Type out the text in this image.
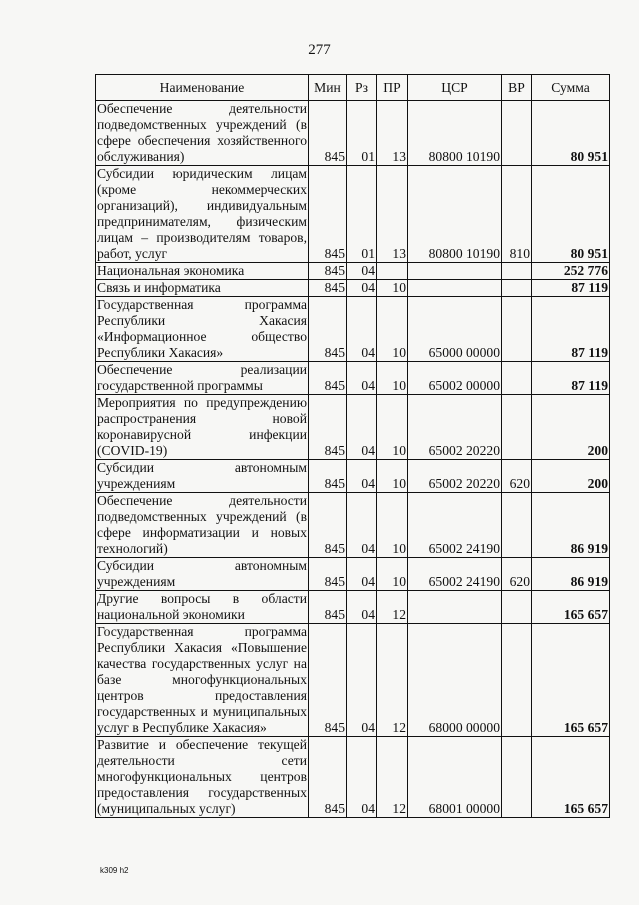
277
Наименование	Мин	Рз	ПР	ЦСР	ВР	Сумма
Обеспечение деятельности подведомственных учреждений (в сфере обеспечения хозяйственного обслуживания)	845	01	13	80800 10190		80 951
Субсидии юридическим лицам (кроме некоммерческих организаций), индивидуальным предпринимателям, физическим лицам – производителям товаров, работ, услуг	845	01	13	80800 10190	810	80 951
Национальная экономика	845	04				252 776
Связь и информатика	845	04	10			87 119
Государственная программа Республики Хакасия «Информационное общество Республики Хакасия»	845	04	10	65000 00000		87 119
Обеспечение реализации государственной программы	845	04	10	65002 00000		87 119
Мероприятия по предупреждению распространения новой коронавирусной инфекции (COVID-19)	845	04	10	65002 20220		200
Субсидии автономным учреждениям	845	04	10	65002 20220	620	200
Обеспечение деятельности подведомственных учреждений (в сфере информатизации и новых технологий)	845	04	10	65002 24190		86 919
Субсидии автономным учреждениям	845	04	10	65002 24190	620	86 919
Другие вопросы в области национальной экономики	845	04	12			165 657
Государственная программа Республики Хакасия «Повышение качества государственных услуг на базе многофункциональных центров предоставления государственных и муниципальных услуг в Республике Хакасия»	845	04	12	68000 00000		165 657
Развитие и обеспечение текущей деятельности сети многофункциональных центров предоставления государственных (муниципальных услуг)	845	04	12	68001 00000		165 657
k309 h2
